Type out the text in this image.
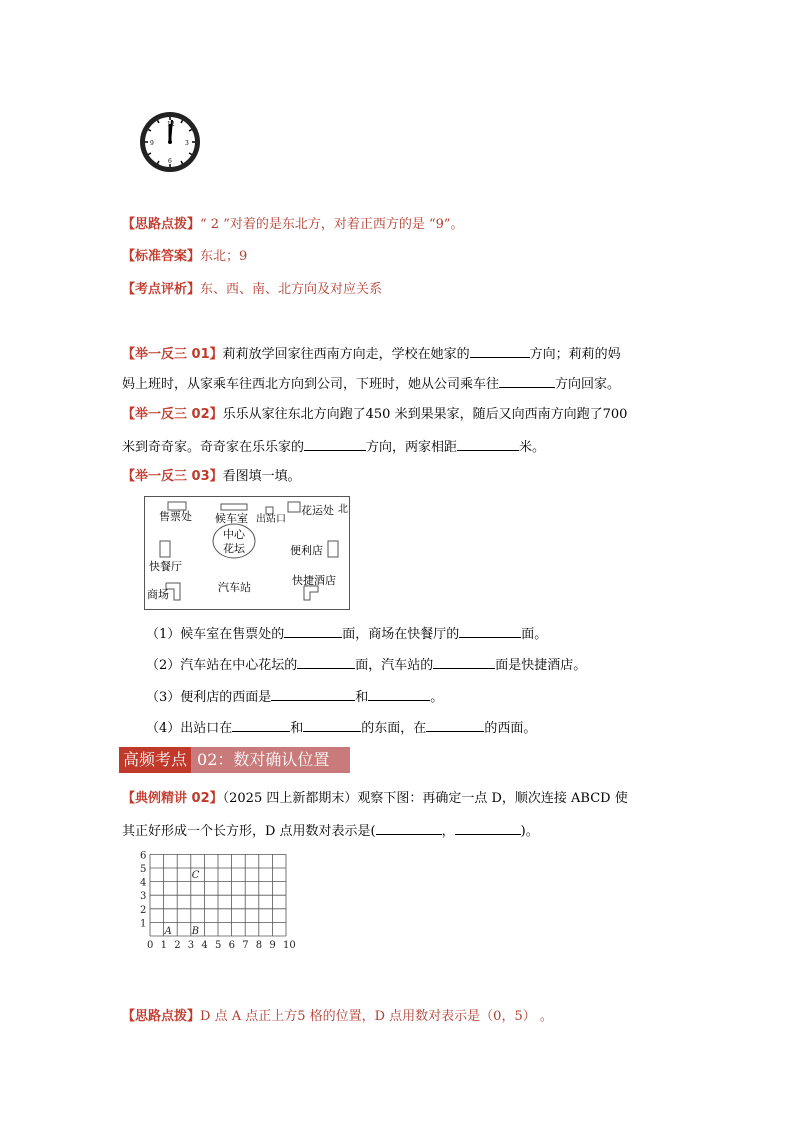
12
3
6
9
【思路点拨】“ 2 ”对着的是东北方，对着正西方的是 “9”。
【标准答案】东北；9
【考点评析】东、西、南、北方向及对应关系
【举一反三 01】莉莉放学回家往西南方向走，学校在她家的	方向；莉莉的妈
妈上班时，从家乘车往西北方向到公司，下班时，她从公司乘车往	方向回家。
【举一反三 02】乐乐从家往东北方向跑了450 米到果果家，随后又向西南方向跑了700
米到奇奇家。奇奇家在乐乐家的	方向，两家相距	米。
【举一反三 03】看图填一填。
售票处 候车室 出站口
花运处 北
中心
花坛	便利店
快餐厅
汽车站
快捷酒店
商场
（1）候车室在售票处的	面，商场在快餐厅的	面。
（2）汽车站在中心花坛的	面，汽车站的	面是快捷酒店。
（3）便利店的西面是	和	。
（4）出站口在	和	的东面，在	的西面。
高频考点 02：数对确认位置
【典例精讲 02】（2025 四上新都期末）观察下图：再确定一点 D，顺次连接 ABCD 使
其正好形成一个长方形，D 点用数对表示是(	，	)。
0 1 2 3 4 5 6 7 8 9 10
1
2
3
4
5
6
A B
C
【思路点拨】D 点 A 点正上方5 格的位置，D 点用数对表示是（0，5） 。
